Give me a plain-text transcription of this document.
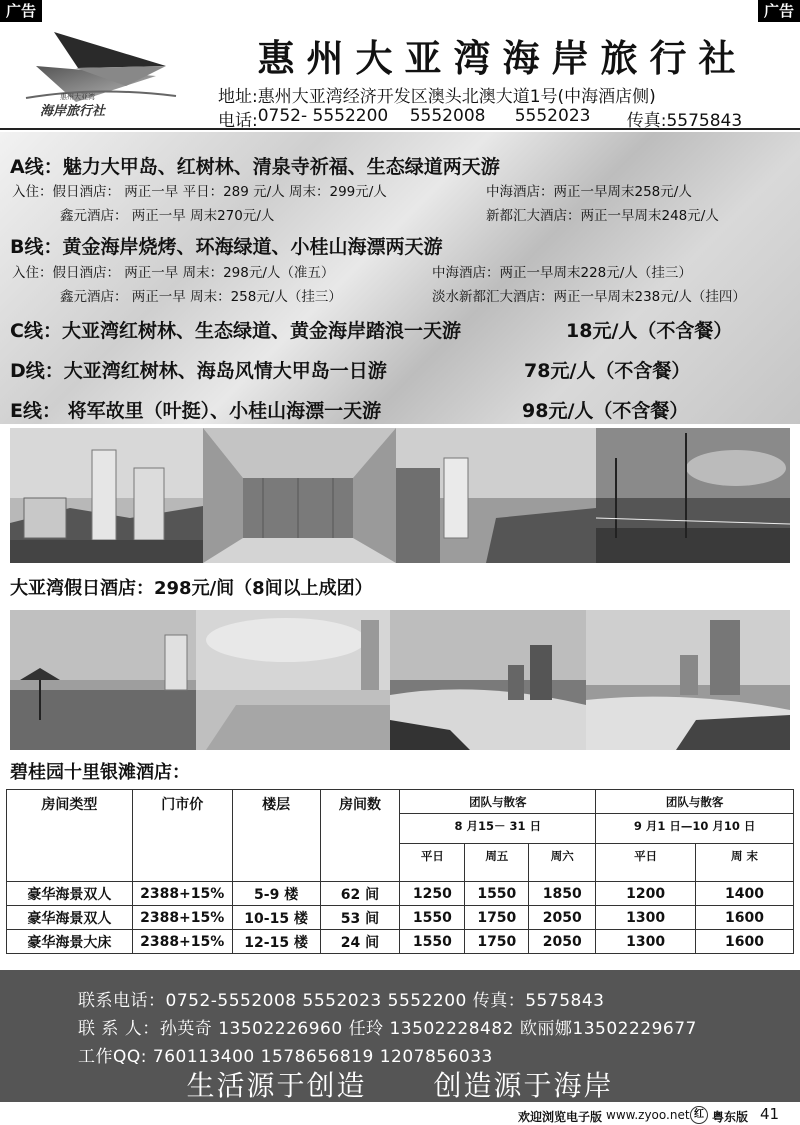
广告	广告
惠州大亚湾
海岸旅行社
惠州大亚湾海岸旅行社
地址:惠州大亚湾经济开发区澳头北澳大道1号(中海酒店侧)
电话: 0752- 5552200	5552008	5552023	传真:5575843
A线：魅力大甲岛、红树林、清泉寺祈福、生态绿道两天游
入住：假日酒店： 两正一早 平日：289 元/人 周末：299元/人	中海酒店：两正一早周末258元/人
鑫元酒店： 两正一早 周末270元/人	新都汇大酒店：两正一早周末248元/人
B线：黄金海岸烧烤、环海绿道、小桂山海漂两天游
入住：假日酒店： 两正一早 周末：298元/人（准五）	中海酒店：两正一早周末228元/人（挂三）
鑫元酒店： 两正一早 周末：258元/人（挂三）	淡水新都汇大酒店：两正一早周末238元/人（挂四）
C线：大亚湾红树林、生态绿道、黄金海岸踏浪一天游	18元/人（不含餐）
D线：大亚湾红树林、海岛风情大甲岛一日游	78元/人（不含餐）
E线： 将军故里（叶挺）、小桂山海漂一天游	98元/人（不含餐）
大亚湾假日酒店：298元/间（8间以上成团）
碧桂园十里银滩酒店：
房间类型	门市价	楼层	房间数	团队与散客			团队与散客	
				8 月15－ 31 日			9 月1 日—10 月10 日	
				平日	周五	周六	平日	周 末
豪华海景双人	2388+15%	5-9 楼	62 间	1250	1550	1850	1200	1400
豪华海景双人	2388+15%	10-15 楼	53 间	1550	1750	2050	1300	1600
豪华海景大床	2388+15%	12-15 楼	24 间	1550	1750	2050	1300	1600
联系电话：0752-5552008 5552023 5552200 传真：5575843
联 系 人：孙英奇 13502226960 任玲 13502228482 欧丽娜13502229677
工作QQ: 760113400 1578656819 1207856033
生活源于创造 创造源于海岸
欢迎浏览电子版 www.zyoo.net 红 粤东版 41
